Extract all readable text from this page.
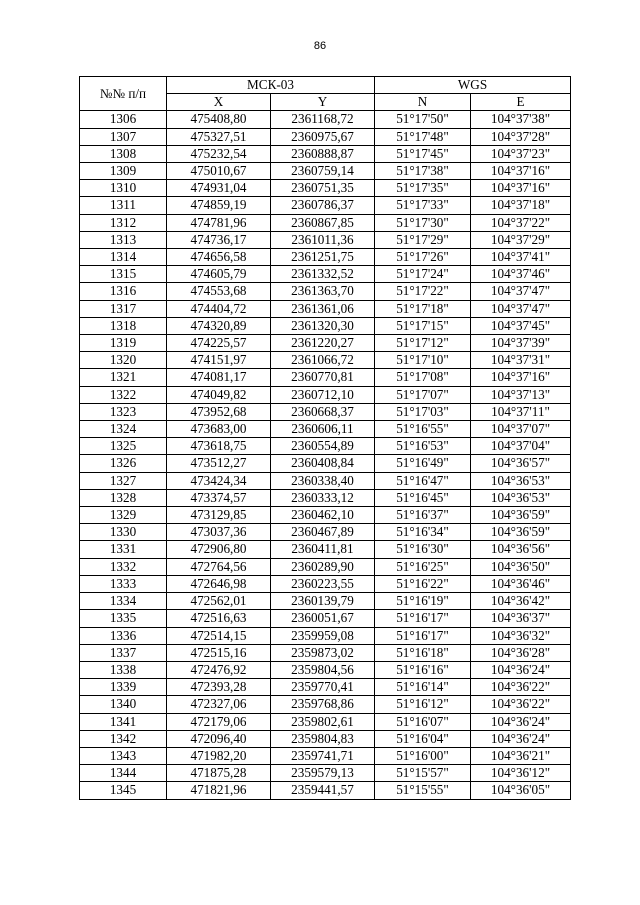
86
№№ п/п	МСК-03		WGS	
	X	Y	N	E
1306	475408,80	2361168,72	51°17'50"	104°37'38"
1307	475327,51	2360975,67	51°17'48"	104°37'28"
1308	475232,54	2360888,87	51°17'45"	104°37'23"
1309	475010,67	2360759,14	51°17'38"	104°37'16"
1310	474931,04	2360751,35	51°17'35"	104°37'16"
1311	474859,19	2360786,37	51°17'33"	104°37'18"
1312	474781,96	2360867,85	51°17'30"	104°37'22"
1313	474736,17	2361011,36	51°17'29"	104°37'29"
1314	474656,58	2361251,75	51°17'26"	104°37'41"
1315	474605,79	2361332,52	51°17'24"	104°37'46"
1316	474553,68	2361363,70	51°17'22"	104°37'47"
1317	474404,72	2361361,06	51°17'18"	104°37'47"
1318	474320,89	2361320,30	51°17'15"	104°37'45"
1319	474225,57	2361220,27	51°17'12"	104°37'39"
1320	474151,97	2361066,72	51°17'10"	104°37'31"
1321	474081,17	2360770,81	51°17'08"	104°37'16"
1322	474049,82	2360712,10	51°17'07"	104°37'13"
1323	473952,68	2360668,37	51°17'03"	104°37'11"
1324	473683,00	2360606,11	51°16'55"	104°37'07"
1325	473618,75	2360554,89	51°16'53"	104°37'04"
1326	473512,27	2360408,84	51°16'49"	104°36'57"
1327	473424,34	2360338,40	51°16'47"	104°36'53"
1328	473374,57	2360333,12	51°16'45"	104°36'53"
1329	473129,85	2360462,10	51°16'37"	104°36'59"
1330	473037,36	2360467,89	51°16'34"	104°36'59"
1331	472906,80	2360411,81	51°16'30"	104°36'56"
1332	472764,56	2360289,90	51°16'25"	104°36'50"
1333	472646,98	2360223,55	51°16'22"	104°36'46"
1334	472562,01	2360139,79	51°16'19"	104°36'42"
1335	472516,63	2360051,67	51°16'17"	104°36'37"
1336	472514,15	2359959,08	51°16'17"	104°36'32"
1337	472515,16	2359873,02	51°16'18"	104°36'28"
1338	472476,92	2359804,56	51°16'16"	104°36'24"
1339	472393,28	2359770,41	51°16'14"	104°36'22"
1340	472327,06	2359768,86	51°16'12"	104°36'22"
1341	472179,06	2359802,61	51°16'07"	104°36'24"
1342	472096,40	2359804,83	51°16'04"	104°36'24"
1343	471982,20	2359741,71	51°16'00"	104°36'21"
1344	471875,28	2359579,13	51°15'57"	104°36'12"
1345	471821,96	2359441,57	51°15'55"	104°36'05"
